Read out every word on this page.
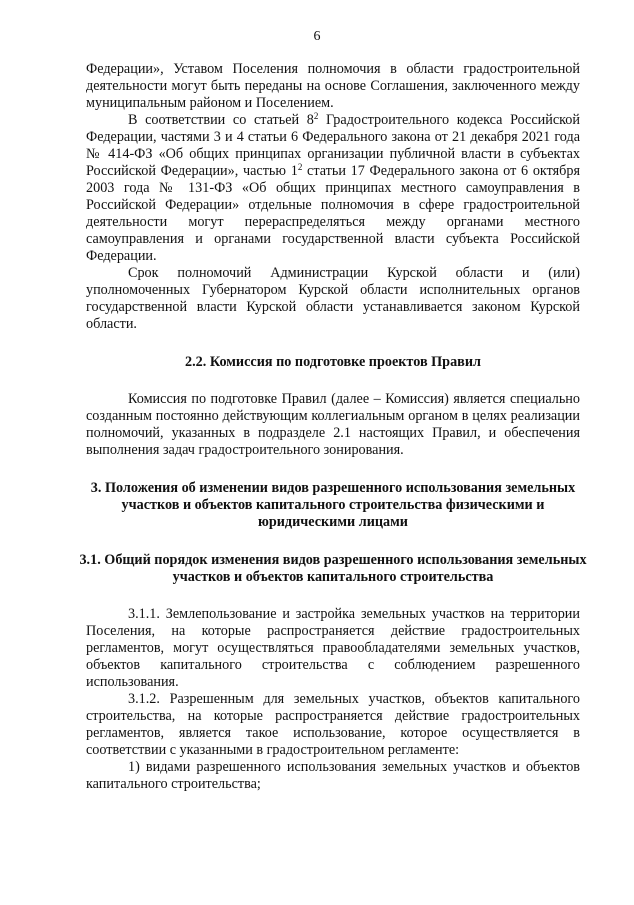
6

Федерации», Уставом Поселения полномочия в области градостроительной деятельности могут быть переданы на основе Соглашения, заключенного между муниципальным районом и Поселением.

В соответствии со статьей $8^2$ Градостроительного кодекса Российской Федерации, частями 3 и 4 статьи 6 Федерального закона от 21 декабря 2021 года № 414-ФЗ «Об общих принципах организации публичной власти в субъектах Российской Федерации», частью $1^2$ статьи 17 Федерального закона от 6 октября 2003 года № 131-ФЗ «Об общих принципах местного самоуправления в Российской Федерации» отдельные полномочия в сфере градостроительной деятельности могут перераспределяться между органами местного самоуправления и органами государственной власти субъекта Российской Федерации.

Срок полномочий Администрации Курской области и (или) уполномоченных Губернатором Курской области исполнительных органов государственной власти Курской области устанавливается законом Курской области.

2.2. Комиссия по подготовке проектов Правил

Комиссия по подготовке Правил (далее – Комиссия) является специально созданным постоянно действующим коллегиальным органом в целях реализации полномочий, указанных в подразделе 2.1 настоящих Правил, и обеспечения выполнения задач градостроительного зонирования.

3. Положения об изменении видов разрешенного использования земельных участков и объектов капитального строительства физическими и юридическими лицами

3.1. Общий порядок изменения видов разрешенного использования земельных участков и объектов капитального строительства

3.1.1. Землепользование и застройка земельных участков на территории Поселения, на которые распространяется действие градостроительных регламентов, могут осуществляться правообладателями земельных участков, объектов капитального строительства с соблюдением разрешенного использования.

3.1.2. Разрешенным для земельных участков, объектов капитального строительства, на которые распространяется действие градостроительных регламентов, является такое использование, которое осуществляется в соответствии с указанными в градостроительном регламенте:

1) видами разрешенного использования земельных участков и объектов капитального строительства;
